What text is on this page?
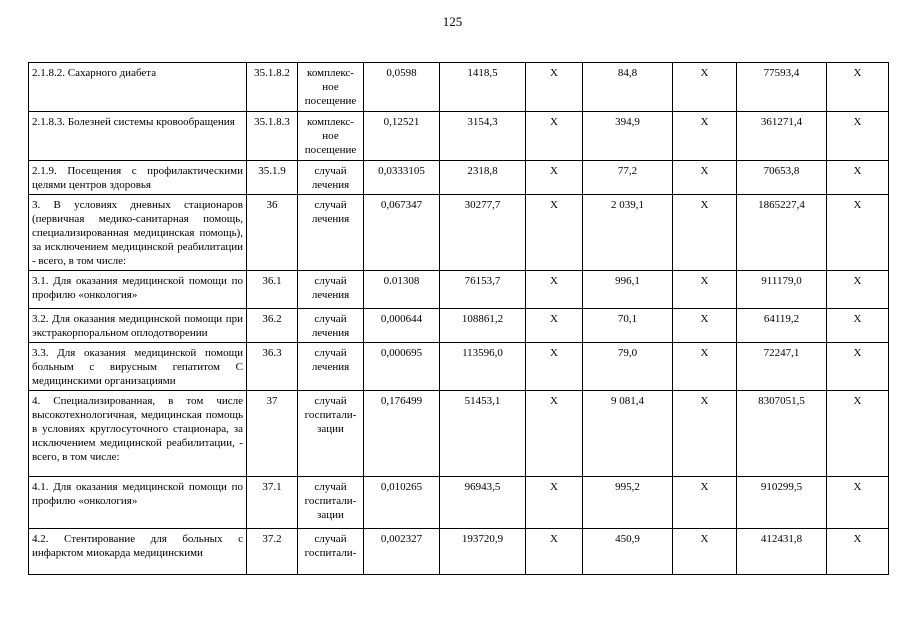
125
2.1.8.2. Сахарного диабета	35.1.8.2	комплекс-ное посещение	0,0598	1418,5	Х	84,8	Х	77593,4	Х
2.1.8.3. Болезней системы кровообращения	35.1.8.3	комплекс-ное посещение	0,12521	3154,3	Х	394,9	Х	361271,4	Х
2.1.9. Посещения с профилактическими целями центров здоровья	35.1.9	случай лечения	0,0333105	2318,8	Х	77,2	Х	70653,8	Х
3. В условиях дневных стационаров (первичная медико-санитарная помощь, специализированная медицинская помощь), за исключением медицинской реабилитации - всего, в том числе:	36	случай лечения	0,067347	30277,7	Х	2 039,1	Х	1865227,4	Х
3.1. Для оказания медицинской помощи по профилю «онкология»	36.1	случай лечения	0.01308	76153,7	Х	996,1	Х	911179,0	Х
3.2. Для оказания медицинской помощи при экстракорпоральном оплодотворении	36.2	случай лечения	0,000644	108861,2	Х	70,1	Х	64119,2	Х
3.3. Для оказания медицинской помощи больным с вирусным гепатитом С медицинскими организациями	36.3	случай лечения	0,000695	113596,0	Х	79,0	Х	72247,1	Х
4. Специализированная, в том числе высокотехнологичная, медицинская помощь в условиях круглосуточного стационара, за исключением медицинской реабилитации, - всего, в том числе:	37	случай госпитали-зации	0,176499	51453,1	Х	9 081,4	Х	8307051,5	Х
4.1. Для оказания медицинской помощи по профилю «онкология»	37.1	случай госпитали-зации	0,010265	96943,5	Х	995,2	Х	910299,5	Х
4.2. Стентирование для больных с инфарктом миокарда медицинскими	37.2	случай госпитали-	0,002327	193720,9	Х	450,9	Х	412431,8	Х
